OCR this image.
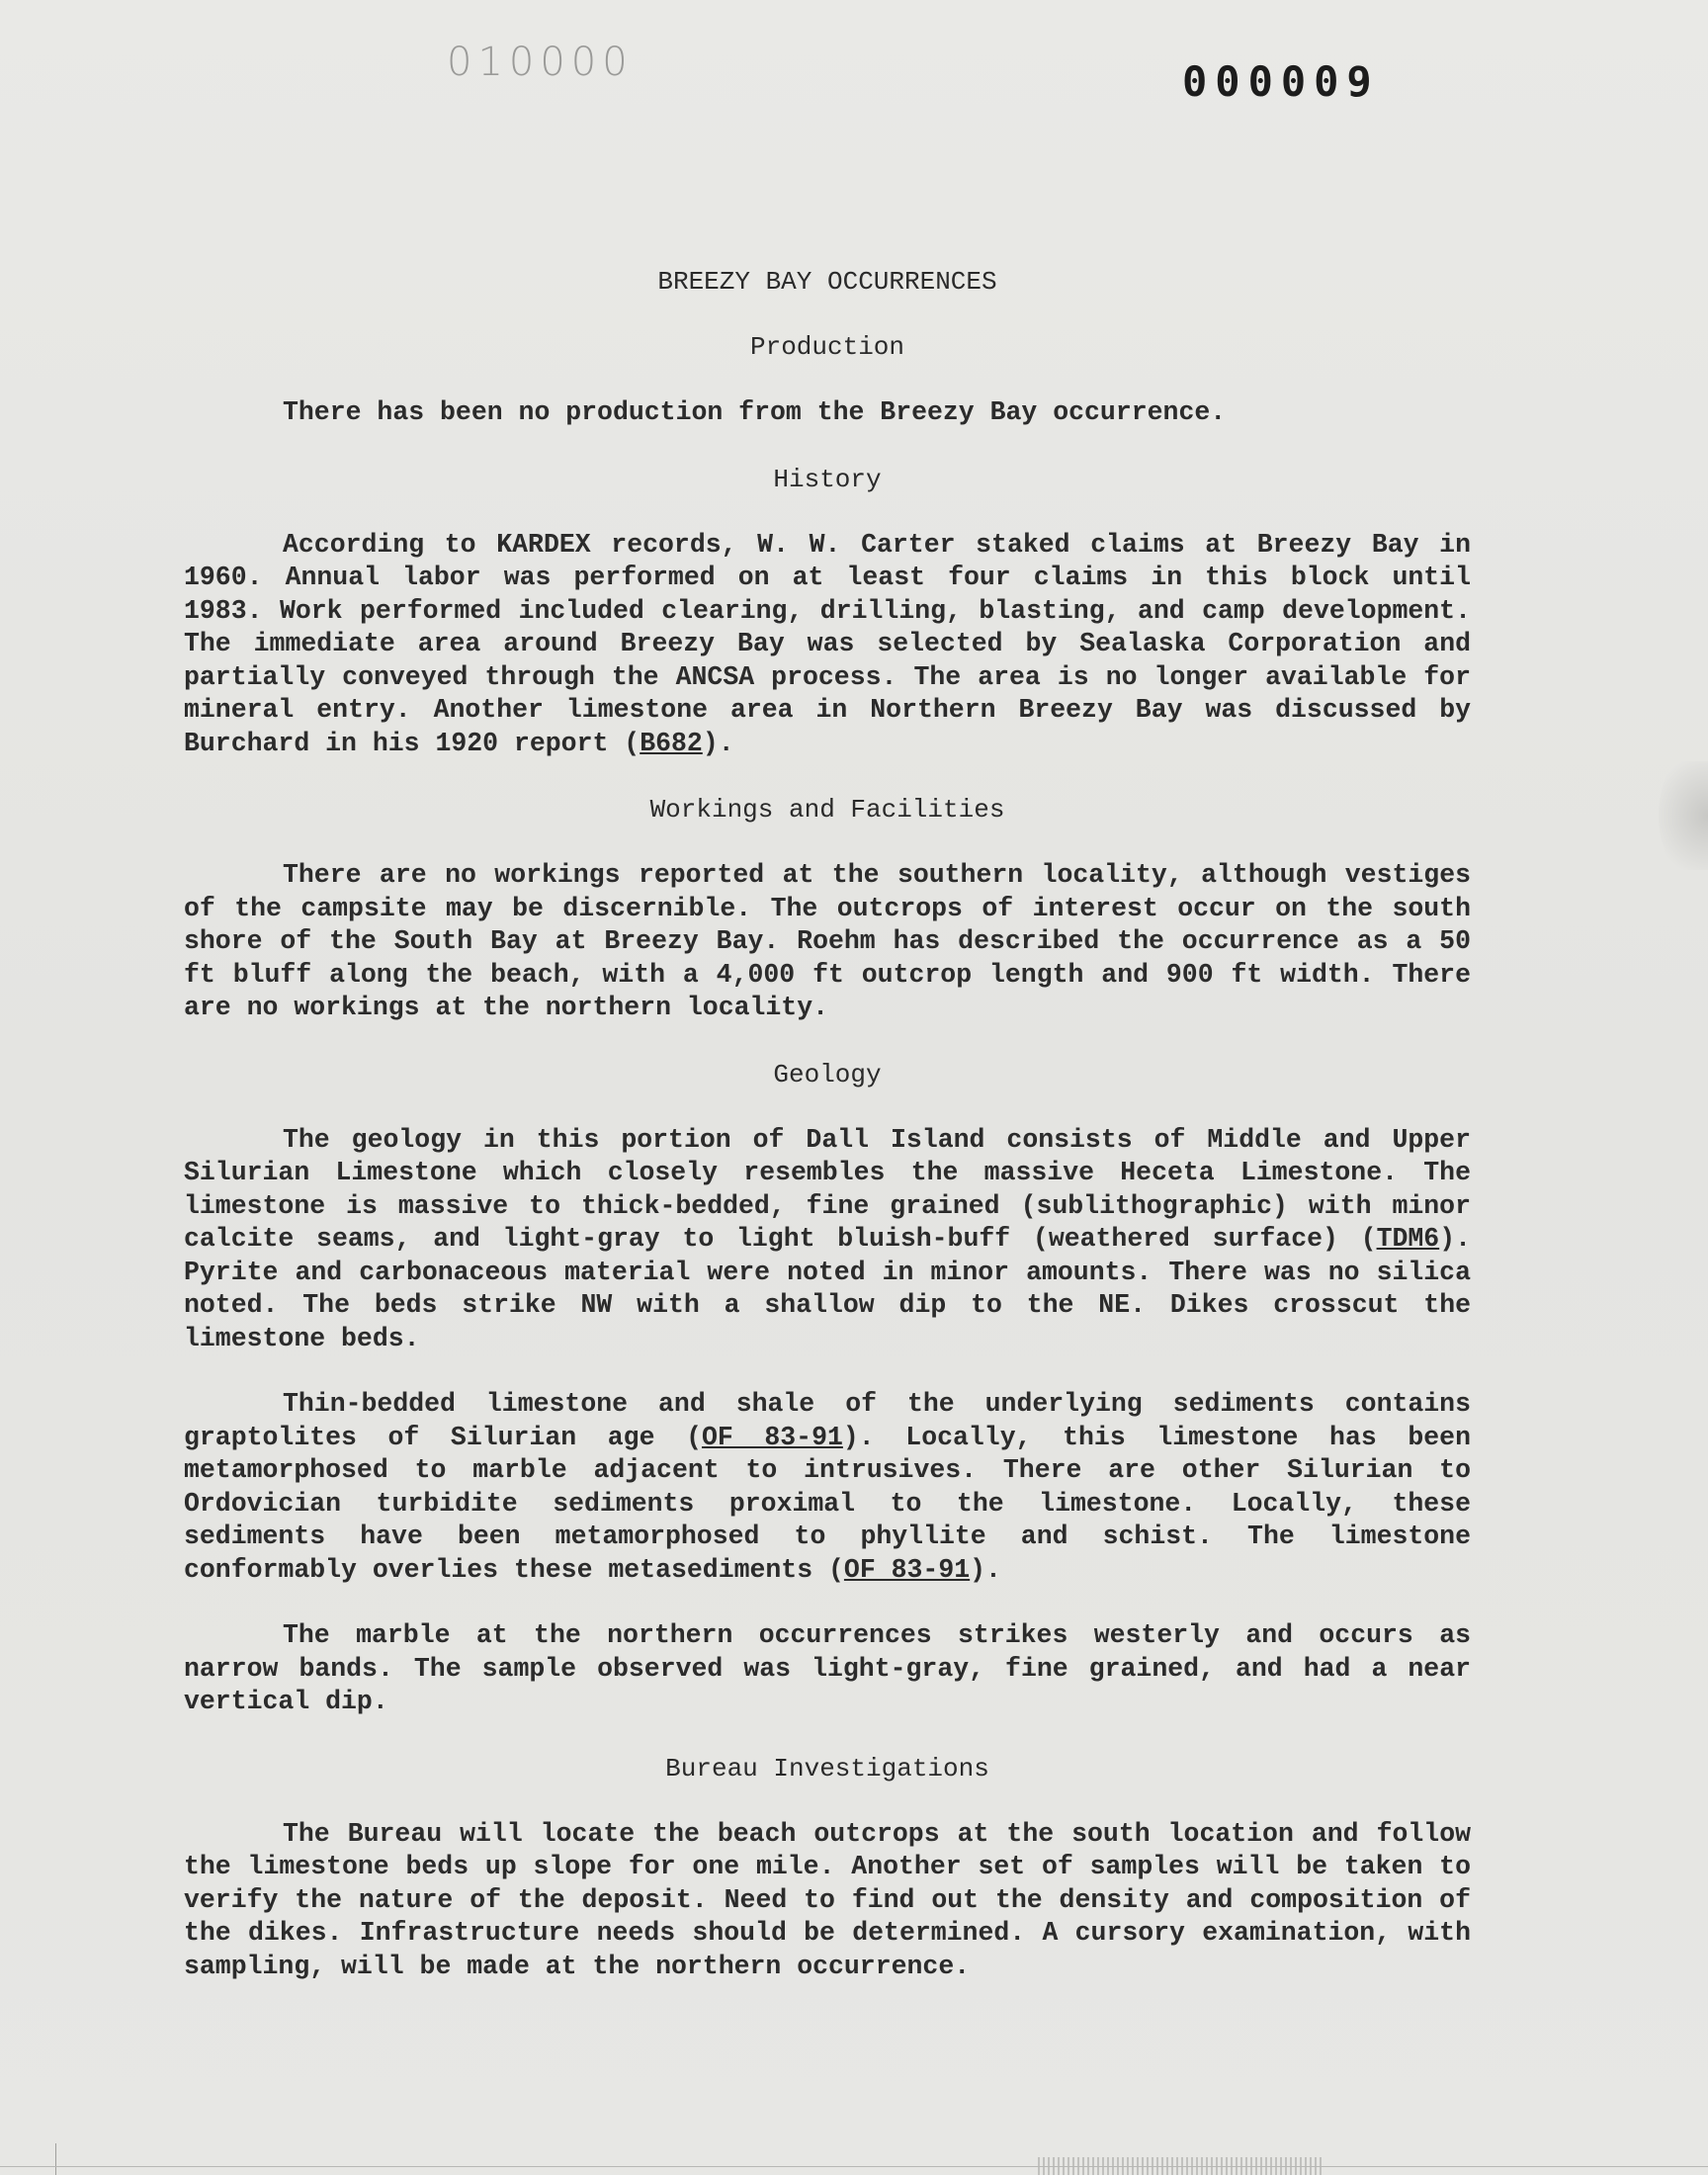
010000	000009
BREEZY BAY OCCURRENCES
Production

There has been no production from the Breezy Bay occurrence.

History

According to KARDEX records, W. W. Carter staked claims at Breezy Bay in 1960. Annual labor was performed on at least four claims in this block until 1983. Work performed included clearing, drilling, blasting, and camp development. The immediate area around Breezy Bay was selected by Sealaska Corporation and partially conveyed through the ANCSA process. The area is no longer available for mineral entry. Another limestone area in Northern Breezy Bay was discussed by Burchard in his 1920 report (B682).

Workings and Facilities

There are no workings reported at the southern locality, although vestiges of the campsite may be discernible. The outcrops of interest occur on the south shore of the South Bay at Breezy Bay. Roehm has described the occurrence as a 50 ft bluff along the beach, with a 4,000 ft outcrop length and 900 ft width. There are no workings at the northern locality.

Geology

The geology in this portion of Dall Island consists of Middle and Upper Silurian Limestone which closely resembles the massive Heceta Limestone. The limestone is massive to thick-bedded, fine grained (sublithographic) with minor calcite seams, and light-gray to light bluish-buff (weathered surface) (TDM6). Pyrite and carbonaceous material were noted in minor amounts. There was no silica noted. The beds strike NW with a shallow dip to the NE. Dikes crosscut the limestone beds.

Thin-bedded limestone and shale of the underlying sediments contains graptolites of Silurian age (OF 83-91). Locally, this limestone has been metamorphosed to marble adjacent to intrusives. There are other Silurian to Ordovician turbidite sediments proximal to the limestone. Locally, these sediments have been metamorphosed to phyllite and schist. The limestone conformably overlies these metasediments (OF 83-91).

The marble at the northern occurrences strikes westerly and occurs as narrow bands. The sample observed was light-gray, fine grained, and had a near vertical dip.

Bureau Investigations

The Bureau will locate the beach outcrops at the south location and follow the limestone beds up slope for one mile. Another set of samples will be taken to verify the nature of the deposit. Need to find out the density and composition of the dikes. Infrastructure needs should be determined. A cursory examination, with sampling, will be made at the northern occurrence.
